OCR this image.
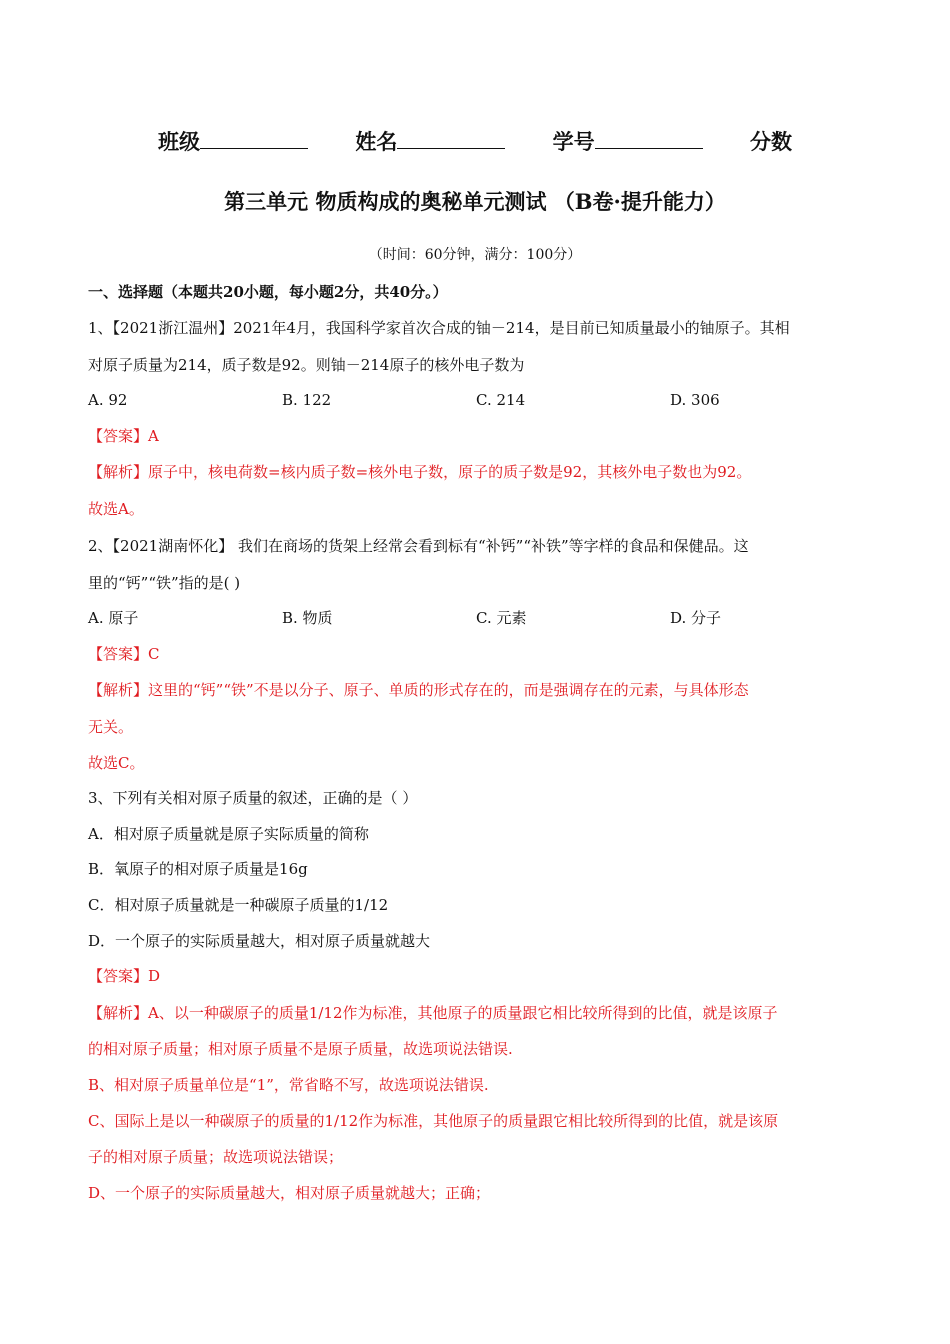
班级	姓名	学号	分数
第三单元 物质构成的奥秘单元测试 （B卷·提升能力）
（时间：60分钟，满分：100分）
一、选择题（本题共20小题，每小题2分，共40分。）
1、【2021浙江温州】2021年4月，我国科学家首次合成的铀－214，是目前已知质量最小的铀原子。其相
对原子质量为214，质子数是92。则铀－214原子的核外电子数为
A. 92	B. 122	C. 214	D. 306
【答案】A
【解析】原子中，核电荷数=核内质子数=核外电子数，原子的质子数是92，其核外电子数也为92。
故选A。
2、【2021湖南怀化】 我们在商场的货架上经常会看到标有“补钙”“补铁”等字样的食品和保健品。这
里的“钙”“铁”指的是( )
A. 原子	B. 物质	C. 元素	D. 分子
【答案】C
【解析】这里的“钙”“铁”不是以分子、原子、单质的形式存在的，而是强调存在的元素，与具体形态
无关。
故选C。
3、下列有关相对原子质量的叙述，正确的是（ ）
A．相对原子质量就是原子实际质量的简称
B．氧原子的相对原子质量是16g
C．相对原子质量就是一种碳原子质量的1/12
D．一个原子的实际质量越大，相对原子质量就越大
【答案】D
【解析】A、以一种碳原子的质量1/12作为标准，其他原子的质量跟它相比较所得到的比值，就是该原子
的相对原子质量；相对原子质量不是原子质量，故选项说法错误.
B、相对原子质量单位是“1”，常省略不写，故选项说法错误.
C、国际上是以一种碳原子的质量的1/12作为标准，其他原子的质量跟它相比较所得到的比值，就是该原
子的相对原子质量；故选项说法错误；
D、一个原子的实际质量越大，相对原子质量就越大；正确；
